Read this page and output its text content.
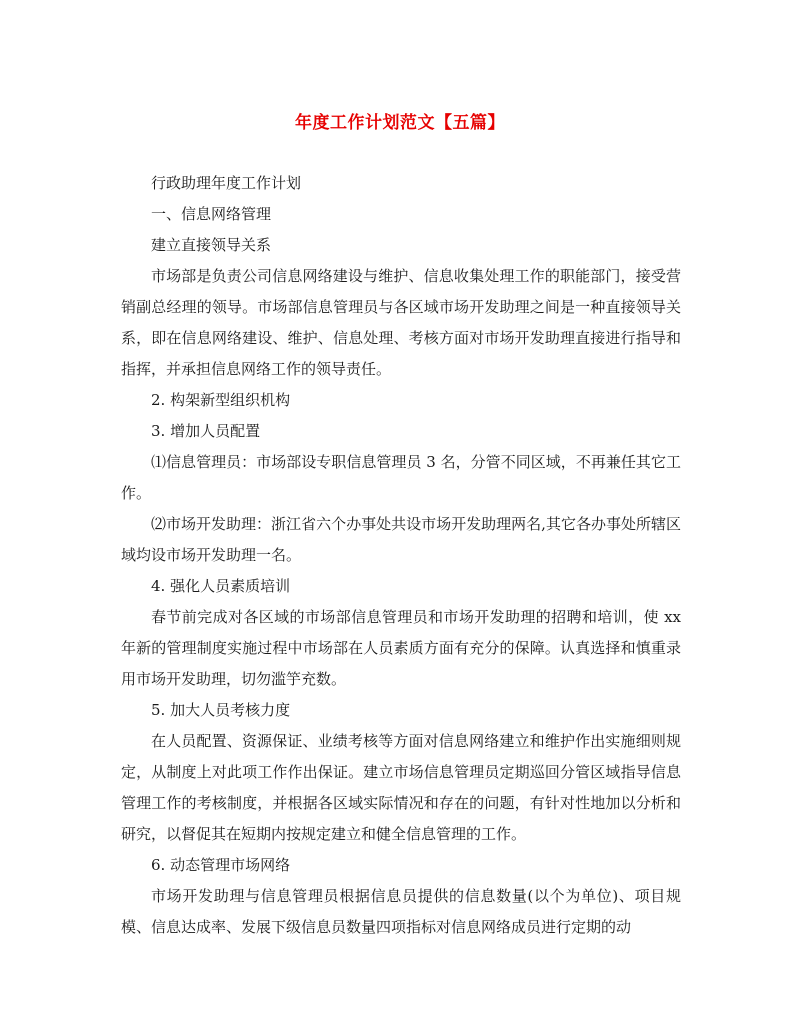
年度工作计划范文【五篇】

行政助理年度工作计划

一、信息网络管理

建立直接领导关系

市场部是负责公司信息网络建设与维护、信息收集处理工作的职能部门，接受营销副总经理的领导。市场部信息管理员与各区域市场开发助理之间是一种直接领导关系，即在信息网络建设、维护、信息处理、考核方面对市场开发助理直接进行指导和指挥，并承担信息网络工作的领导责任。

2. 构架新型组织机构

3. 增加人员配置

⑴信息管理员：市场部设专职信息管理员 3 名，分管不同区域，不再兼任其它工作。

⑵市场开发助理：浙江省六个办事处共设市场开发助理两名,其它各办事处所辖区域均设市场开发助理一名。

4. 强化人员素质培训

春节前完成对各区域的市场部信息管理员和市场开发助理的招聘和培训，使 xx 年新的管理制度实施过程中市场部在人员素质方面有充分的保障。认真选择和慎重录用市场开发助理，切勿滥竽充数。

5. 加大人员考核力度

在人员配置、资源保证、业绩考核等方面对信息网络建立和维护作出实施细则规定，从制度上对此项工作作出保证。建立市场信息管理员定期巡回分管区域指导信息管理工作的考核制度，并根据各区域实际情况和存在的问题，有针对性地加以分析和研究，以督促其在短期内按规定建立和健全信息管理的工作。

6. 动态管理市场网络

市场开发助理与信息管理员根据信息员提供的信息数量(以个为单位)、项目规模、信息达成率、发展下级信息员数量四项指标对信息网络成员进行定期的动
